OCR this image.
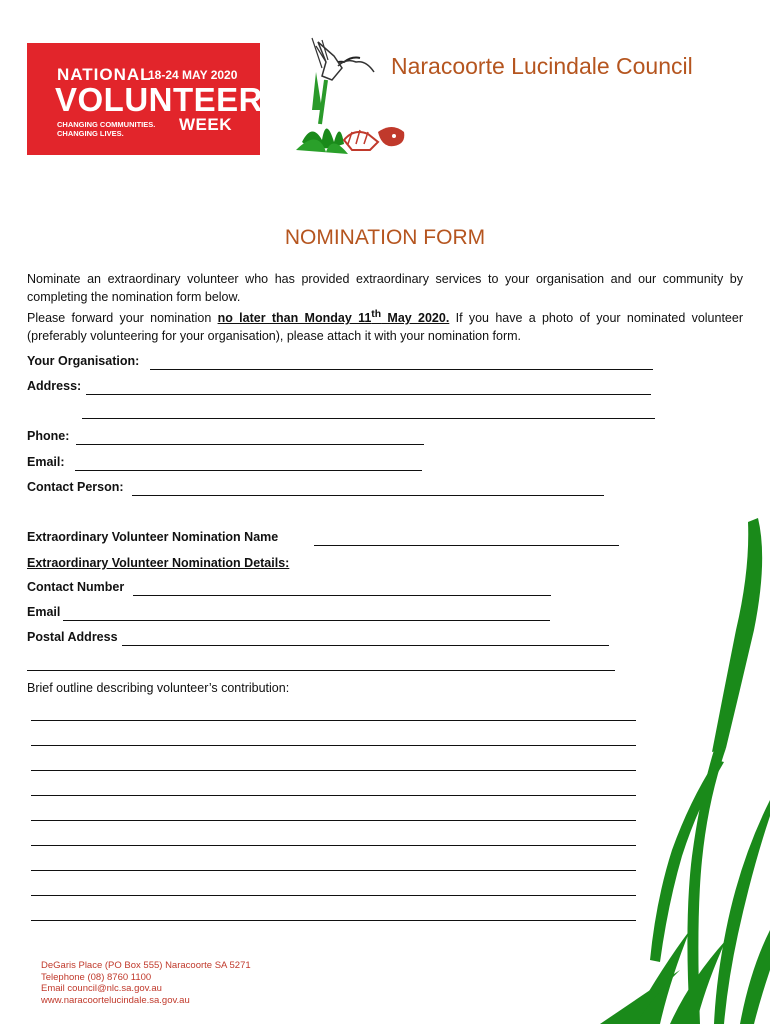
NATIONAL
18-24 MAY 2020
VOLUNTEER
CHANGING COMMUNITIES.
CHANGING LIVES.	WEEK
Naracoorte Lucindale Council
NOMINATION FORM

Nominate an extraordinary volunteer who has provided extraordinary services to your organisation and our community by completing the nomination form below.

Please forward your nomination no later than Monday 11th May 2020. If you have a photo of your nominated volunteer (preferably volunteering for your organisation), please attach it with your nomination form.

Your Organisation:
Address:
Phone:
Email:
Contact Person:
Extraordinary Volunteer Nomination Name
Extraordinary Volunteer Nomination Details:
Contact Number
Email
Postal Address
Brief outline describing volunteer’s contribution:
DeGaris Place (PO Box 555) Naracoorte SA 5271
Telephone (08) 8760 1100
Email council@nlc.sa.gov.au
www.naracoortelucindale.sa.gov.au
